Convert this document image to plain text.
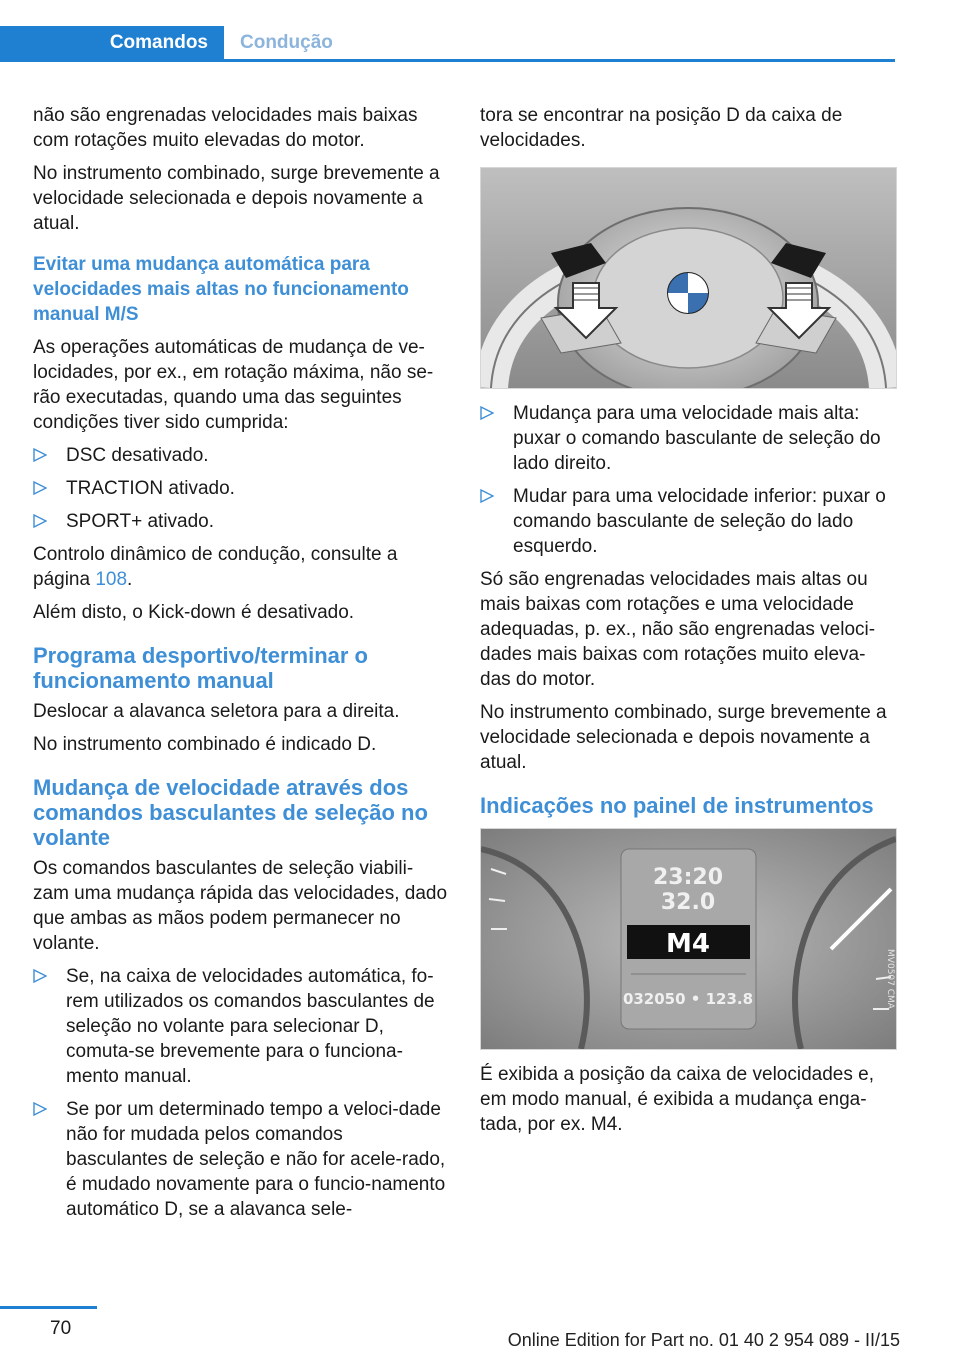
Comandos	Condução

não são engrenadas velocidades mais baixas com rotações muito elevadas do motor.

No instrumento combinado, surge brevemente a velocidade selecionada e depois novamente a atual.

Evitar uma mudança automática para velocidades mais altas no funcionamento manual M/S

As operações automáticas de mudança de ve‐locidades, por ex., em rotação máxima, não se‐rão executadas, quando uma das seguintes condições tiver sido cumprida:

DSC desativado.
TRACTION ativado.
SPORT+ ativado.

Controlo dinâmico de condução, consulte a página 108.

Além disto, o Kick-down é desativado.

Programa desportivo/terminar o funcionamento manual

Deslocar a alavanca seletora para a direita.

No instrumento combinado é indicado D.

Mudança de velocidade através dos comandos basculantes de seleção no volante

Os comandos basculantes de seleção viabili‐zam uma mudança rápida das velocidades, dado que ambas as mãos podem permanecer no volante.

Se, na caixa de velocidades automática, fo‐rem utilizados os comandos basculantes de seleção no volante para selecionar D, comuta-se brevemente para o funciona‐mento manual.
Se por um determinado tempo a veloci‐dade não for mudada pelos comandos basculantes de seleção e não for acele‐rado, é mudado novamente para o funcio‐namento automático D, se a alavanca sele‐

tora se encontrar na posição D da caixa de velocidades.

Mudança para uma velocidade mais alta: puxar o comando basculante de seleção do lado direito.
Mudar para uma velocidade inferior: puxar o comando basculante de seleção do lado esquerdo.

Só são engrenadas velocidades mais altas ou mais baixas com rotações e uma velocidade adequadas, p. ex., não são engrenadas veloci‐dades mais baixas com rotações muito eleva‐das do motor.

No instrumento combinado, surge brevemente a velocidade selecionada e depois novamente a atual.

Indicações no painel de instrumentos
23:20
32.0
M4
032050 • 123.8	MV0507 CMA

É exibida a posição da caixa de velocidades e, em modo manual, é exibida a mudança enga‐tada, por ex. M4.

70
Online Edition for Part no. 01 40 2 954 089 - II/15
